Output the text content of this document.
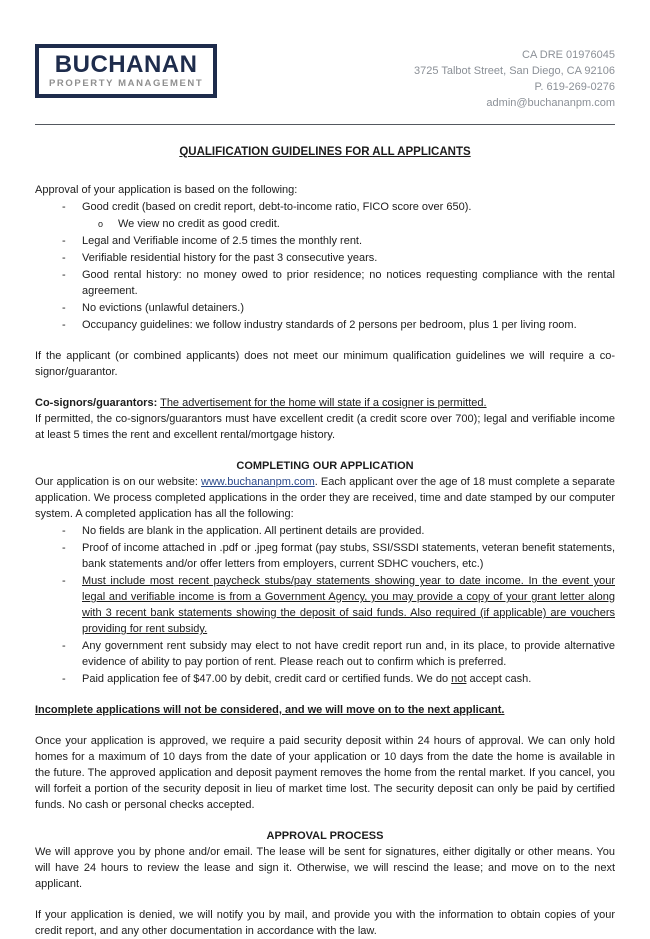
BUCHANAN
PROPERTY MANAGEMENT
CA DRE 01976045
3725 Talbot Street, San Diego, CA 92106
P. 619-269-0276
admin@buchananpm.com
QUALIFICATION GUIDELINES FOR ALL APPLICANTS

Approval of your application is based on the following:

-	Good credit (based on credit report, debt-to-income ratio, FICO score over 650).
o	We view no credit as good credit.
-	Legal and Verifiable income of 2.5 times the monthly rent.
-	Verifiable residential history for the past 3 consecutive years.
-	Good rental history: no money owed to prior residence; no notices requesting compliance with the rental agreement.
-	No evictions (unlawful detainers.)
-	Occupancy guidelines: we follow industry standards of 2 persons per bedroom, plus 1 per living room.

If the applicant (or combined applicants) does not meet our minimum qualification guidelines we will require a co-signor/guarantor.

Co-signors/guarantors: The advertisement for the home will state if a cosigner is permitted.

If permitted, the co-signors/guarantors must have excellent credit (a credit score over 700); legal and verifiable income at least 5 times the rent and excellent rental/mortgage history.

COMPLETING OUR APPLICATION

Our application is on our website: www.buchananpm.com. Each applicant over the age of 18 must complete a separate application. We process completed applications in the order they are received, time and date stamped by our computer system. A completed application has all the following:

-	No fields are blank in the application. All pertinent details are provided.
-	Proof of income attached in .pdf or .jpeg format (pay stubs, SSI/SSDI statements, veteran benefit statements, bank statements and/or offer letters from employers, current SDHC vouchers, etc.)
-	Must include most recent paycheck stubs/pay statements showing year to date income. In the event your legal and verifiable income is from a Government Agency, you may provide a copy of your grant letter along with 3 recent bank statements showing the deposit of said funds. Also required (if applicable) are vouchers providing for rent subsidy.
-	Any government rent subsidy may elect to not have credit report run and, in its place, to provide alternative evidence of ability to pay portion of rent. Please reach out to confirm which is preferred.
-	Paid application fee of $47.00 by debit, credit card or certified funds. We do not accept cash.

Incomplete applications will not be considered, and we will move on to the next applicant.

Once your application is approved, we require a paid security deposit within 24 hours of approval. We can only hold homes for a maximum of 10 days from the date of your application or 10 days from the date the home is available in the future. The approved application and deposit payment removes the home from the rental market. If you cancel, you will forfeit a portion of the security deposit in lieu of market time lost. The security deposit can only be paid by certified funds. No cash or personal checks accepted.

APPROVAL PROCESS

We will approve you by phone and/or email. The lease will be sent for signatures, either digitally or other means. You will have 24 hours to review the lease and sign it. Otherwise, we will rescind the lease; and move on to the next applicant.

If your application is denied, we will notify you by mail, and provide you with the information to obtain copies of your credit report, and any other documentation in accordance with the law.
